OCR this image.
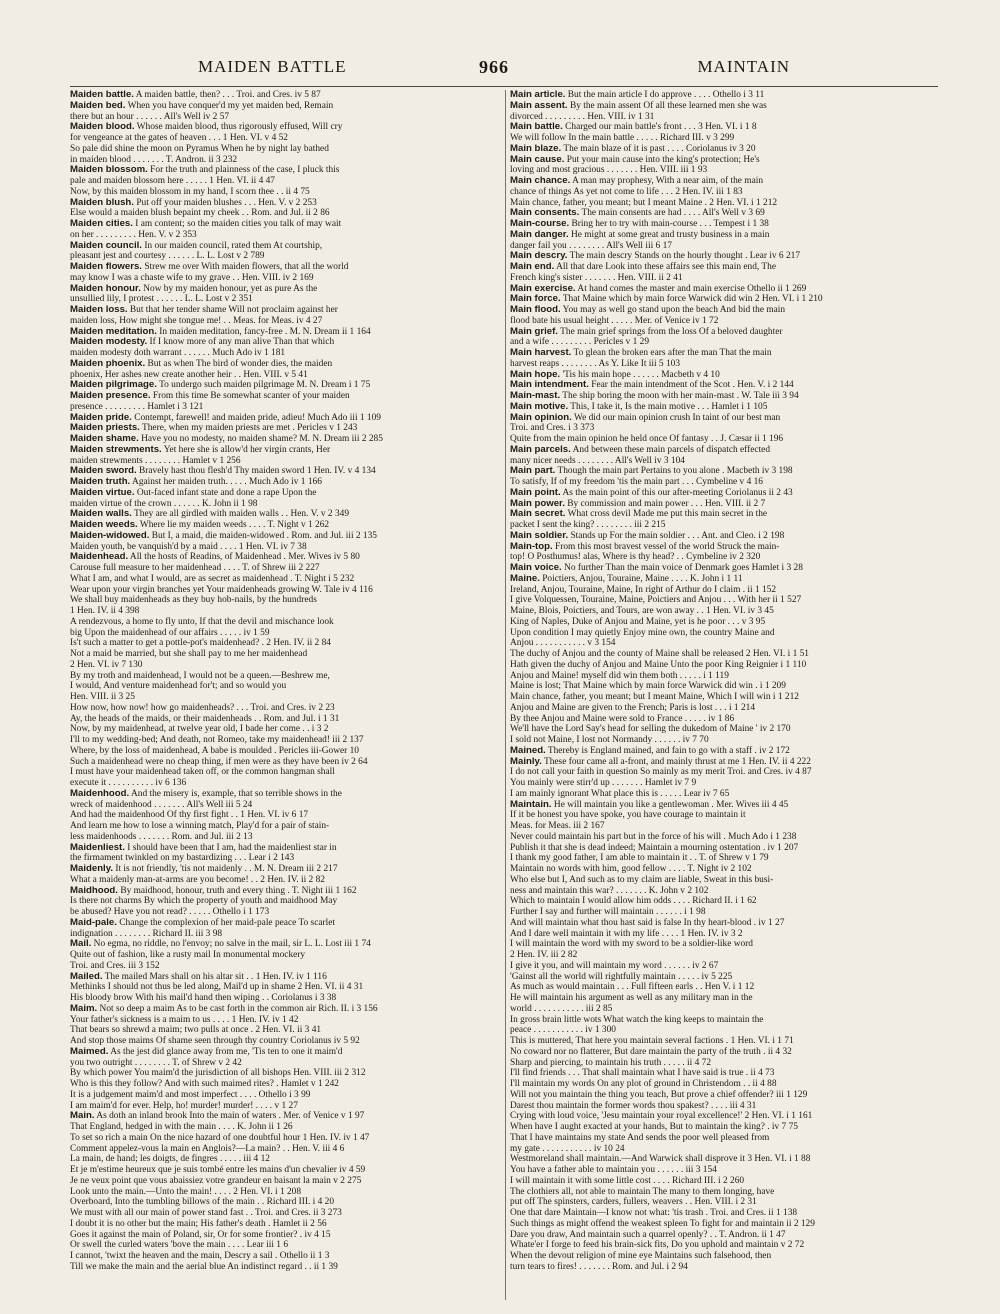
MAIDEN BATTLE	966	MAINTAIN
Maiden battle. A maiden battle, then? . . . Troi. and Cres. iv 5 87
Maiden bed. When you have conquer'd my yet maiden bed, Remain
there but an hour . . . . . . All's Well iv 2 57
Maiden blood. Whose maiden blood, thus rigorously effused, Will cry
for vengeance at the gates of heaven . . . 1 Hen. VI. v 4 52
So pale did shine the moon on Pyramus When he by night lay bathed
in maiden blood . . . . . . . T. Andron. ii 3 232
Maiden blossom. For the truth and plainness of the case, I pluck this
pale and maiden blossom here . . . . . 1 Hen. VI. ii 4 47
Now, by this maiden blossom in my hand, I scorn thee . . ii 4 75
Maiden blush. Put off your maiden blushes . . . Hen. V. v 2 253
Else would a maiden blush bepaint my cheek . . Rom. and Jul. ii 2 86
Maiden cities. I am content; so the maiden cities you talk of may wait
on her . . . . . . . . . Hen. V. v 2 353
Maiden council. In our maiden council, rated them At courtship,
pleasant jest and courtesy . . . . . . L. L. Lost v 2 789
Maiden flowers. Strew me over With maiden flowers, that all the world
may know I was a chaste wife to my grave . . Hen. VIII. iv 2 169
Maiden honour. Now by my maiden honour, yet as pure As the
unsullied lily, I protest . . . . . . L. L. Lost v 2 351
Maiden loss. But that her tender shame Will not proclaim against her
maiden loss, How might she tongue me! . . Meas. for Meas. iv 4 27
Maiden meditation. In maiden meditation, fancy-free . M. N. Dream ii 1 164
Maiden modesty. If I know more of any man alive Than that which
maiden modesty doth warrant . . . . . . Much Ado iv 1 181
Maiden phoenix. But as when The bird of wonder dies, the maiden
phoenix, Her ashes new create another heir . . Hen. VIII. v 5 41
Maiden pilgrimage. To undergo such maiden pilgrimage M. N. Dream i 1 75
Maiden presence. From this time Be somewhat scanter of your maiden
presence . . . . . . . . . Hamlet i 3 121
Maiden pride. Contempt, farewell! and maiden pride, adieu! Much Ado iii 1 109
Maiden priests. There, when my maiden priests are met . Pericles v 1 243
Maiden shame. Have you no modesty, no maiden shame? M. N. Dream iii 2 285
Maiden strewments. Yet here she is allow'd her virgin crants, Her
maiden strewments . . . . . . . . Hamlet v 1 256
Maiden sword. Bravely hast thou flesh'd Thy maiden sword 1 Hen. IV. v 4 134
Maiden truth. Against her maiden truth. . . . . Much Ado iv 1 166
Maiden virtue. Out-faced infant state and done a rape Upon the
maiden virtue of the crown . . . . . . K. John ii 1 98
Maiden walls. They are all girdled with maiden walls . . Hen. V. v 2 349
Maiden weeds. Where lie my maiden weeds . . . . T. Night v 1 262
Maiden-widowed. But I, a maid, die maiden-widowed . Rom. and Jul. iii 2 135
Maiden youth, be vanquish'd by a maid . . . . 1 Hen. VI. iv 7 38
Maidenhead. All the hosts of Readins, of Maidenhead . Mer. Wives iv 5 80
Carouse full measure to her maidenhead . . . . T. of Shrew iii 2 227
What I am, and what I would, are as secret as maidenhead . T. Night i 5 232
Wear upon your virgin branches yet Your maidenheads growing W. Tale iv 4 116
We shall buy maidenheads as they buy hob-nails, by the hundreds
1 Hen. IV. ii 4 398
A rendezvous, a home to fly unto, If that the devil and mischance look
big Upon the maidenhead of our affairs . . . . . iv 1 59
Is't such a matter to get a pottle-pot's maidenhead? . 2 Hen. IV. ii 2 84
Not a maid be married, but she shall pay to me her maidenhead
2 Hen. VI. iv 7 130
By my troth and maidenhead, I would not be a queen.—Beshrew me,
I would, And venture maidenhead for't; and so would you
Hen. VIII. ii 3 25
How now, how now! how go maidenheads? . . . Troi. and Cres. iv 2 23
Ay, the heads of the maids, or their maidenheads . . Rom. and Jul. i 1 31
Now, by my maidenhead, at twelve year old, I bade her come . . i 3 2
I'll to my wedding-bed; And death, not Romeo, take my maidenhead! iii 2 137
Where, by the loss of maidenhead, A babe is moulded . Pericles iii-Gower 10
Such a maidenhead were no cheap thing, if men were as they have been iv 2 64
I must have your maidenhead taken off, or the common hangman shall
execute it . . . . . . . . . . iv 6 136
Maidenhood. And the misery is, example, that so terrible shows in the
wreck of maidenhood . . . . . . . All's Well iii 5 24
And had the maidenhood Of thy first fight . . 1 Hen. VI. iv 6 17
And learn me how to lose a winning match, Play'd for a pair of stain-
less maidenhoods . . . . . . . Rom. and Jul. iii 2 13
Maidenliest. I should have been that I am, had the maidenliest star in
the firmament twinkled on my bastardizing . . . Lear i 2 143
Maidenly. It is not friendly, 'tis not maidenly . . M. N. Dream iii 2 217
What a maidenly man-at-arms are you become! . . 2 Hen. IV. ii 2 82
Maidhood. By maidhood, honour, truth and every thing . T. Night iii 1 162
Is there not charms By which the property of youth and maidhood May
be abused? Have you not read? . . . . . Othello i 1 173
Maid-pale. Change the complexion of her maid-pale peace To scarlet
indignation . . . . . . . . Richard II. iii 3 98
Mail. No egma, no riddle, no l'envoy; no salve in the mail, sir L. L. Lost iii 1 74
Quite out of fashion, like a rusty mail In monumental mockery
Troi. and Cres. iii 3 152
Mailed. The mailed Mars shall on his altar sit . . 1 Hen. IV. iv 1 116
Methinks I should not thus be led along, Mail'd up in shame 2 Hen. VI. ii 4 31
His bloody brow With his mail'd hand then wiping . . Coriolanus i 3 38
Maim. Not so deep a maim As to be cast forth in the common air Rich. II. i 3 156
Your father's sickness is a maim to us . . . . 1 Hen. IV. iv 1 42
That bears so shrewd a maim; two pulls at once . 2 Hen. VI. ii 3 41
And stop those maims Of shame seen through thy country Coriolanus iv 5 92
Maimed. As the jest did glance away from me, 'Tis ten to one it maim'd
you two outright . . . . . . . . T. of Shrew v 2 42
By which power You maim'd the jurisdiction of all bishops Hen. VIII. iii 2 312
Who is this they follow? And with such maimed rites? . Hamlet v 1 242
It is a judgement maim'd and most imperfect . . . . Othello i 3 99
I am maim'd for ever. Help, ho! murder! murder! . . . . v 1 27
Main. As doth an inland brook Into the main of waters . Mer. of Venice v 1 97
That England, hedged in with the main . . . . K. John ii 1 26
To set so rich a main On the nice hazard of one doubtful hour 1 Hen. IV. iv 1 47
Comment appelez-vous la main en Anglois?—La main? . . Hen. V. iii 4 6
La main, de hand; les doigts, de fingres . . . . . iii 4 12
Et je m'estime heureux que je suis tombé entre les mains d'un chevalier iv 4 59
Je ne veux point que vous abaissiez votre grandeur en baisant la main v 2 275
Look unto the main.—Unto the main! . . . . 2 Hen. VI. i 1 208
Overboard, Into the tumbling billows of the main . . Richard III. i 4 20
We must with all our main of power stand fast . . Troi. and Cres. ii 3 273
I doubt it is no other but the main; His father's death . Hamlet ii 2 56
Goes it against the main of Poland, sir, Or for some frontier? . iv 4 15
Or swell the curled waters 'bove the main . . . . Lear iii 1 6
I cannot, 'twixt the heaven and the main, Descry a sail . Othello ii 1 3
Till we make the main and the aerial blue An indistinct regard . . ii 1 39
Main article. But the main article I do approve . . . . Othello i 3 11
Main assent. By the main assent Of all these learned men she was
divorced . . . . . . . . . Hen. VIII. iv 1 31
Main battle. Charged our main battle's front . . . 3 Hen. VI. i 1 8
We will follow In the main battle . . . . . Richard III. v 3 299
Main blaze. The main blaze of it is past . . . . Coriolanus iv 3 20
Main cause. Put your main cause into the king's protection; He's
loving and most gracious . . . . . . . Hen. VIII. iii 1 93
Main chance. A man may prophesy, With a near aim, of the main
chance of things As yet not come to life . . . 2 Hen. IV. iii 1 83
Main chance, father, you meant; but I meant Maine . 2 Hen. VI. i 1 212
Main consents. The main consents are had . . . . All's Well v 3 69
Main-course. Bring her to try with main-course . . . Tempest i 1 38
Main danger. He might at some great and trusty business in a main
danger fail you . . . . . . . . All's Well iii 6 17
Main descry. The main descry Stands on the hourly thought . Lear iv 6 217
Main end. All that dare Look into these affairs see this main end, The
French king's sister . . . . . . . Hen. VIII. ii 2 41
Main exercise. At hand comes the master and main exercise Othello ii 1 269
Main force. That Maine which by main force Warwick did win 2 Hen. VI. i 1 210
Main flood. You may as well go stand upon the beach And bid the main
flood bate his usual height . . . . . Mer. of Venice iv 1 72
Main grief. The main grief springs from the loss Of a beloved daughter
and a wife . . . . . . . . . Pericles v 1 29
Main harvest. To glean the broken ears after the man That the main
harvest reaps . . . . . . . . As Y. Like It iii 5 103
Main hope. 'Tis his main hope . . . . . . Macbeth v 4 10
Main intendment. Fear the main intendment of the Scot . Hen. V. i 2 144
Main-mast. The ship boring the moon with her main-mast . W. Tale iii 3 94
Main motive. This, I take it, Is the main motive . . . Hamlet i 1 105
Main opinion. We did our main opinion crush In taint of our best man
Troi. and Cres. i 3 373
Quite from the main opinion he held once Of fantasy . . J. Cæsar ii 1 196
Main parcels. And between these main parcels of dispatch effected
many nicer needs . . . . . . . . All's Well iv 3 104
Main part. Though the main part Pertains to you alone . Macbeth iv 3 198
To satisfy, If of my freedom 'tis the main part . . . Cymbeline v 4 16
Main point. As the main point of this our after-meeting Coriolanus ii 2 43
Main power. By commission and main power . . . Hen. VIII. ii 2 7
Main secret. What cross devil Made me put this main secret in the
packet I sent the king? . . . . . . . . iii 2 215
Main soldier. Stands up For the main soldier . . . Ant. and Cleo. i 2 198
Main-top. From this most bravest vessel of the world Struck the main-
top! O Posthumus! alas, Where is thy head? . . Cymbeline iv 2 320
Main voice. No further Than the main voice of Denmark goes Hamlet i 3 28
Maine. Poictiers, Anjou, Touraine, Maine . . . . K. John i 1 11
Ireland, Anjou, Touraine, Maine, In right of Arthur do I claim . ii 1 152
I give Volquessen, Touraine, Maine, Poictiers and Anjou . . . With her ii 1 527
Maine, Blois, Poictiers, and Tours, are won away . . 1 Hen. VI. iv 3 45
King of Naples, Duke of Anjou and Maine, yet is he poor . . . v 3 95
Upon condition I may quietly Enjoy mine own, the country Maine and
Anjou . . . . . . . . . . . v 3 154
The duchy of Anjou and the county of Maine shall be released 2 Hen. VI. i 1 51
Hath given the duchy of Anjou and Maine Unto the poor King Reignier i 1 110
Anjou and Maine! myself did win them both . . . . . i 1 119
Maine is lost; That Maine which by main force Warwick did win . i 1 209
Main chance, father, you meant; but I meant Maine, Which I will win i 1 212
Anjou and Maine are given to the French; Paris is lost . . . i 1 214
By thee Anjou and Maine were sold to France . . . . . iv 1 86
We'll have the Lord Say's head for selling the dukedom of Maine ' iv 2 170
I sold not Maine, I lost not Normandy . . . . . . iv 7 70
Mained. Thereby is England mained, and fain to go with a staff . iv 2 172
Mainly. These four came all a-front, and mainly thrust at me 1 Hen. IV. ii 4 222
I do not call your faith in question So mainly as my merit Troi. and Cres. iv 4 87
You mainly were stirr'd up . . . . . . . Hamlet iv 7 9
I am mainly ignorant What place this is . . . . . Lear iv 7 65
Maintain. He will maintain you like a gentlewoman . Mer. Wives iii 4 45
If it be honest you have spoke, you have courage to maintain it
Meas. for Meas. iii 2 167
Never could maintain his part but in the force of his will . Much Ado i 1 238
Publish it that she is dead indeed; Maintain a mourning ostentation . iv 1 207
I thank my good father, I am able to maintain it . . T. of Shrew v 1 79
Maintain no words with him, good fellow . . . . T. Night iv 2 102
Who else but I, And such as to my claim are liable, Sweat in this busi-
ness and maintain this war? . . . . . . . K. John v 2 102
Which to maintain I would allow him odds . . . . Richard II. i 1 62
Further I say and further will maintain . . . . . . i 1 98
And will maintain what thou hast said is false In thy heart-blood . iv 1 27
And I dare well maintain it with my life . . . . 1 Hen. IV. iv 3 2
I will maintain the word with my sword to be a soldier-like word
2 Hen. IV. iii 2 82
I give it you, and will maintain my word . . . . . . iv 2 67
'Gainst all the world will rightfully maintain . . . . . iv 5 225
As much as would maintain . . . Full fifteen earls . . Hen V. i 1 12
He will maintain his argument as well as any military man in the
world . . . . . . . . . . . iii 2 85
In gross brain little wots What watch the king keeps to maintain the
peace . . . . . . . . . . . iv 1 300
This is muttered, That here you maintain several factions . 1 Hen. VI. i 1 71
No coward nor no flatterer, But dare maintain the party of the truth . ii 4 32
Sharp and piercing, to maintain his truth . . . . . ii 4 72
I'll find friends . . . That shall maintain what I have said is true . ii 4 73
I'll maintain my words On any plot of ground in Christendom . . ii 4 88
Will not you maintain the thing you teach, But prove a chief offender? iii 1 129
Darest thou maintain the former words thou spakest? . . . . iii 4 31
Crying with loud voice, 'Jesu maintain your royal excellence!' 2 Hen. VI. i 1 161
When have I aught exacted at your hands, But to maintain the king? . iv 7 75
That I have maintains my state And sends the poor well pleased from
my gate . . . . . . . . . . . iv 10 24
Westmoreland shall maintain.—And Warwick shall disprove it 3 Hen. VI. i 1 88
You have a father able to maintain you . . . . . . iii 3 154
I will maintain it with some little cost . . . . Richard III. i 2 260
The clothiers all, not able to maintain The many to them longing, have
put off The spinsters, carders, fullers, weavers . . Hen. VIII. i 2 31
One that dare Maintain—I know not what: 'tis trash . Troi. and Cres. ii 1 138
Such things as might offend the weakest spleen To fight for and maintain ii 2 129
Dare you draw, And maintain such a quarrel openly? . . T. Andron. ii 1 47
Whate'er I forge to feed his brain-sick fits, Do you uphold and maintain v 2 72
When the devout religion of mine eye Maintains such falsehood, then
turn tears to fires! . . . . . . . Rom. and Jul. i 2 94
